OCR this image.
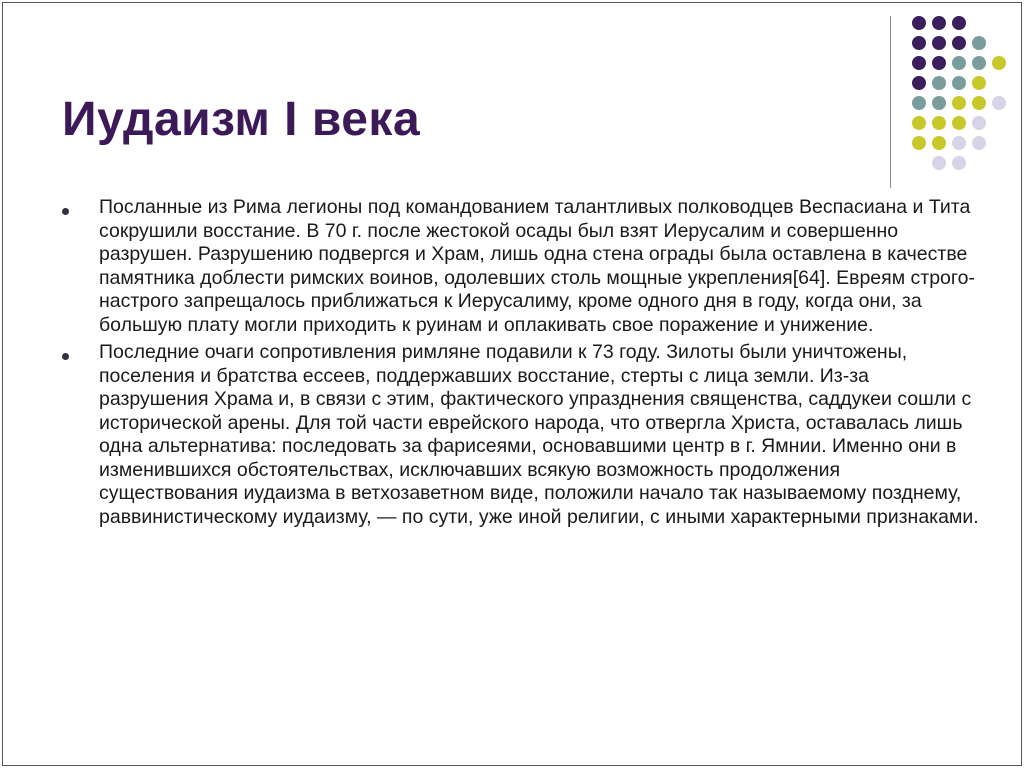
Иудаизм I века

Посланные из Рима легионы под командованием талантливых полководцев Веспасиана и Тита сокрушили восстание. В 70 г. после жестокой осады был взят Иерусалим и совершенно разрушен. Разрушению подвергся и Храм, лишь одна стена ограды была оставлена в качестве памятника доблести римских воинов, одолевших столь мощные укрепления[64]. Евреям строго-настрого запрещалось приближаться к Иерусалиму, кроме одного дня в году, когда они, за большую плату могли приходить к руинам и оплакивать свое поражение и унижение.

Последние очаги сопротивления римляне подавили к 73 году. Зилоты были уничтожены, поселения и братства ессеев, поддержавших восстание, стерты с лица земли. Из-за разрушения Храма и, в связи с этим, фактического упразднения священства, саддукеи сошли с исторической арены. Для той части еврейского народа, что отвергла Христа, оставалась лишь одна альтернатива: последовать за фарисеями, основавшими центр в г. Ямнии. Именно они в изменившихся обстоятельствах, исключавших всякую возможность продолжения существования иудаизма в ветхозаветном виде, положили начало так называемому позднему, раввинистическому иудаизму, — по сути, уже иной религии, с иными характерными признаками.
